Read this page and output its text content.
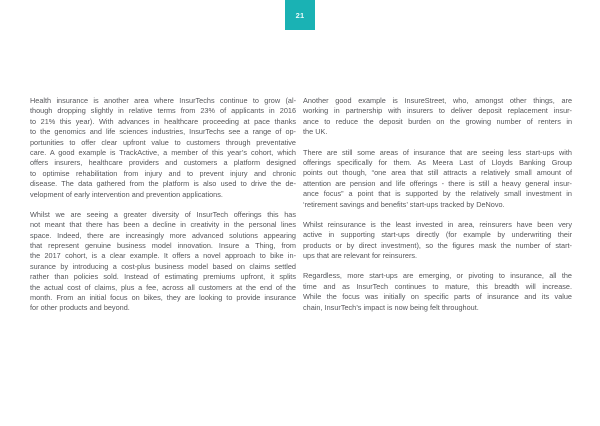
21
Health insurance is another area where InsurTechs continue to grow (al-
though dropping slightly in relative terms from 23% of applicants in 2016
to 21% this year). With advances in healthcare proceeding at pace thanks
to the genomics and life sciences industries, InsurTechs see a range of op-
portunities to offer clear upfront value to customers through preventative
care. A good example is TrackActive, a member of this year’s cohort, which
offers insurers, healthcare providers and customers a platform designed
to optimise rehabilitation from injury and to prevent injury and chronic
disease. The data gathered from the platform is also used to drive the de-
velopment of early intervention and prevention applications.
Whilst we are seeing a greater diversity of InsurTech offerings this has
not meant that there has been a decline in creativity in the personal lines
space. Indeed, there are increasingly more advanced solutions appearing
that represent genuine business model innovation. Insure a Thing, from
the 2017 cohort, is a clear example. It offers a novel approach to bike in-
surance by introducing a cost-plus business model based on claims settled
rather than policies sold. Instead of estimating premiums upfront, it splits
the actual cost of claims, plus a fee, across all customers at the end of the
month. From an initial focus on bikes, they are looking to provide insurance
for other products and beyond.
Another good example is InsureStreet, who, amongst other things, are
working in partnership with insurers to deliver deposit replacement insur-
ance to reduce the deposit burden on the growing number of renters in
the UK.
There are still some areas of insurance that are seeing less start-ups with
offerings specifically for them. As Meera Last of Lloyds Banking Group
points out though, “one area that still attracts a relatively small amount of
attention are pension and life offerings - there is still a heavy general insur-
ance focus” a point that is supported by the relatively small investment in
‘retirement savings and benefits’ start-ups tracked by DeNovo.
Whilst reinsurance is the least invested in area, reinsurers have been very
active in supporting start-ups directly (for example by underwriting their
products or by direct investment), so the figures mask the number of start-
ups that are relevant for reinsurers.
Regardless, more start-ups are emerging, or pivoting to insurance, all the
time and as InsurTech continues to mature, this breadth will increase.
While the focus was initially on specific parts of insurance and its value
chain, InsurTech’s impact is now being felt throughout.
